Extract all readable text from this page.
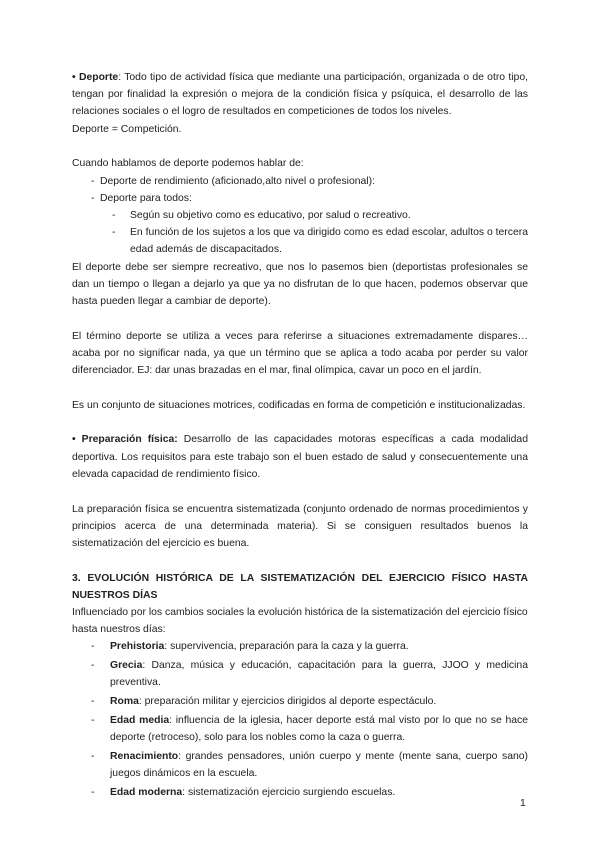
• Deporte: Todo tipo de actividad física que mediante una participación, organizada o de otro tipo, tengan por finalidad la expresión o mejora de la condición física y psíquica, el desarrollo de las relaciones sociales o el logro de resultados en competiciones de todos los niveles.

Deporte = Competición.

Cuando hablamos de deporte podemos hablar de:

- Deporte de rendimiento (aficionado,alto nivel o profesional):
- Deporte para todos:
- Según su objetivo como es educativo, por salud o recreativo.
- En función de los sujetos a los que va dirigido como es edad escolar, adultos o tercera edad además de discapacitados.

El deporte debe ser siempre recreativo, que nos lo pasemos bien (deportistas profesionales se dan un tiempo o llegan a dejarlo ya que ya no disfrutan de lo que hacen, podemos observar que hasta pueden llegar a cambiar de deporte).

El término deporte se utiliza a veces para referirse a situaciones extremadamente dispares…acaba por no significar nada, ya que un término que se aplica a todo acaba por perder su valor diferenciador. EJ: dar unas brazadas en el mar, final olímpica, cavar un poco en el jardín.

Es un conjunto de situaciones motrices, codificadas en forma de competición e institucionalizadas.

• Preparación física: Desarrollo de las capacidades motoras específicas a cada modalidad deportiva. Los requisitos para este trabajo son el buen estado de salud y consecuentemente una elevada capacidad de rendimiento físico.

La preparación física se encuentra sistematizada (conjunto ordenado de normas procedimientos y principios acerca de una determinada materia). Si se consiguen resultados buenos la sistematización del ejercicio es buena.

3. EVOLUCIÓN HISTÓRICA DE LA SISTEMATIZACIÓN DEL EJERCICIO FÍSICO HASTA NUESTROS DÍAS

Influenciado por los cambios sociales la evolución histórica de la sistematización del ejercicio físico hasta nuestros días:

- Prehistoria: supervivencia, preparación para la caza y la guerra.
- Grecia: Danza, música y educación, capacitación para la guerra, JJOO y medicina preventiva.
- Roma: preparación militar y ejercicios dirigidos al deporte espectáculo.
- Edad media: influencia de la iglesia, hacer deporte está mal visto por lo que no se hace deporte (retroceso), solo para los nobles como la caza o guerra.
- Renacimiento: grandes pensadores, unión cuerpo y mente (mente sana, cuerpo sano) juegos dinámicos en la escuela.
- Edad moderna: sistematización ejercicio surgiendo escuelas.
1
